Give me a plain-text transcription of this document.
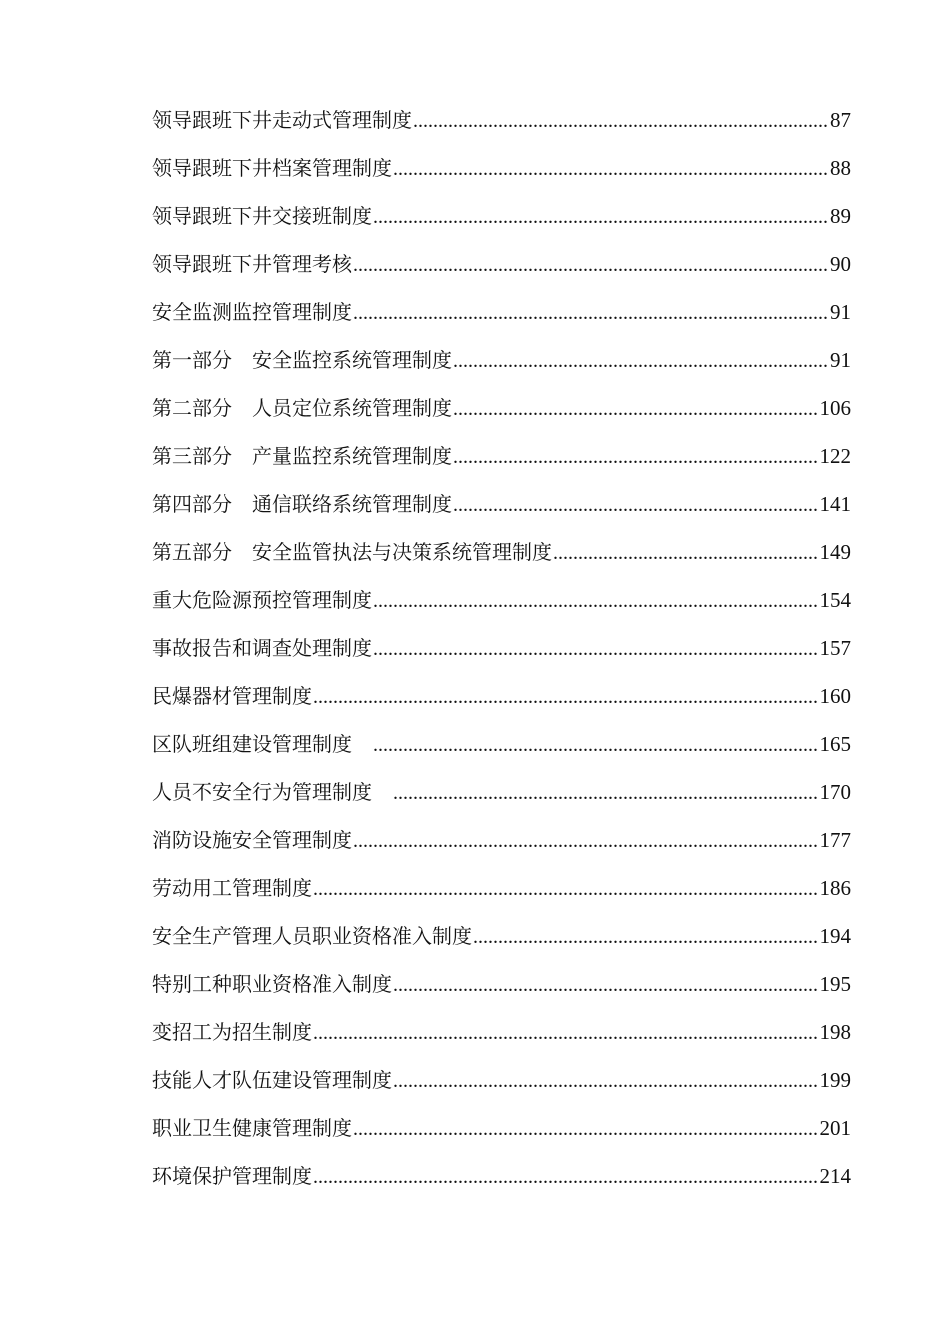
领导跟班下井走动式管理制度 .....	87
领导跟班下井档案管理制度 .....	88
领导跟班下井交接班制度 .....	89
领导跟班下井管理考核 .....	90
安全监测监控管理制度 .....	91
第一部分　安全监控系统管理制度 .....	91
第二部分　人员定位系统管理制度 .....	106
第三部分　产量监控系统管理制度 .....	122
第四部分　通信联络系统管理制度 .....	141
第五部分　安全监管执法与决策系统管理制度 .....	149
重大危险源预控管理制度 .....	154
事故报告和调查处理制度 .....	157
民爆器材管理制度 .....	160
区队班组建设管理制度　 .....	165
人员不安全行为管理制度　 .....	170
消防设施安全管理制度 .....	177
劳动用工管理制度 .....	186
安全生产管理人员职业资格准入制度 .....	194
特别工种职业资格准入制度 .....	195
变招工为招生制度 .....	198
技能人才队伍建设管理制度 .....	199
职业卫生健康管理制度 .....	201
环境保护管理制度 .....	214
